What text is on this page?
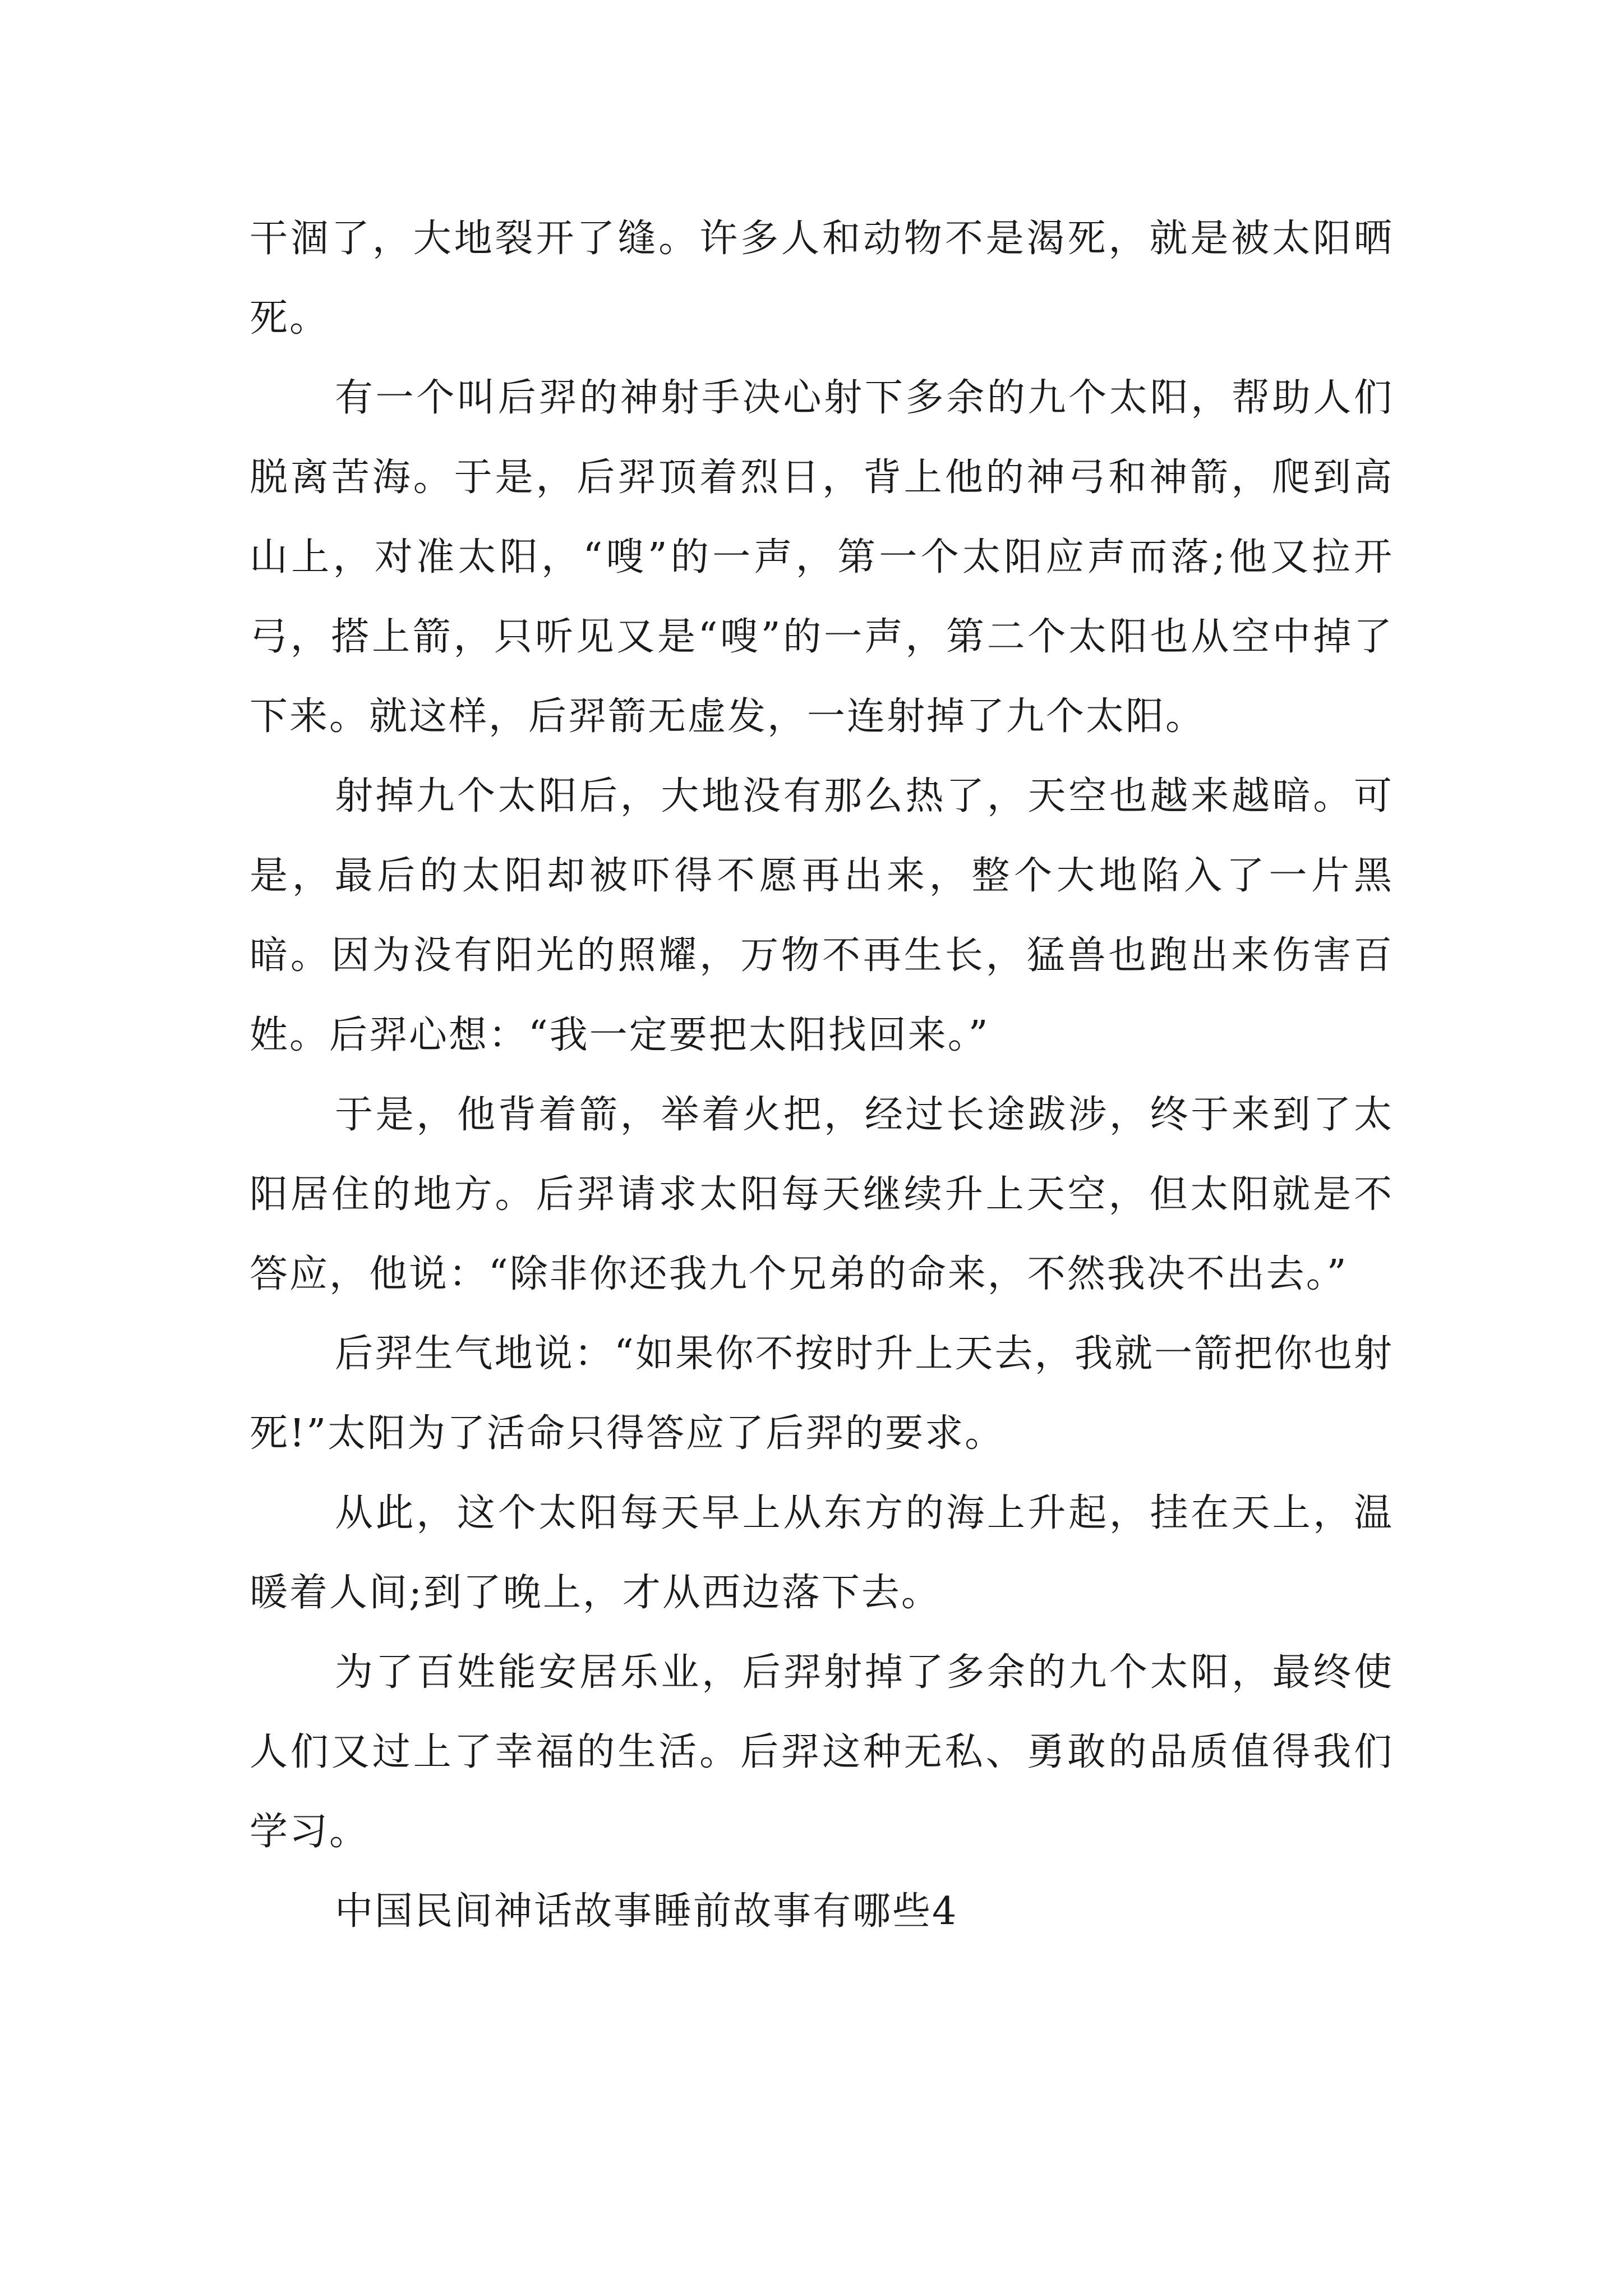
干涸了，大地裂开了缝。许多人和动物不是渴死，就是被太阳晒死。

有一个叫后羿的神射手决心射下多余的九个太阳，帮助人们脱离苦海。于是，后羿顶着烈日，背上他的神弓和神箭，爬到高山上，对准太阳，“嗖”的一声，第一个太阳应声而落;他又拉开弓，搭上箭，只听见又是“嗖”的一声，第二个太阳也从空中掉了下来。就这样，后羿箭无虚发，一连射掉了九个太阳。

射掉九个太阳后，大地没有那么热了，天空也越来越暗。可是，最后的太阳却被吓得不愿再出来，整个大地陷入了一片黑暗。因为没有阳光的照耀，万物不再生长，猛兽也跑出来伤害百姓。后羿心想：“我一定要把太阳找回来。”

于是，他背着箭，举着火把，经过长途跋涉，终于来到了太阳居住的地方。后羿请求太阳每天继续升上天空，但太阳就是不答应，他说：“除非你还我九个兄弟的命来，不然我决不出去。”

后羿生气地说：“如果你不按时升上天去，我就一箭把你也射死!”太阳为了活命只得答应了后羿的要求。

从此，这个太阳每天早上从东方的海上升起，挂在天上，温暖着人间;到了晚上，才从西边落下去。

为了百姓能安居乐业，后羿射掉了多余的九个太阳，最终使人们又过上了幸福的生活。后羿这种无私、勇敢的品质值得我们学习。

中国民间神话故事睡前故事有哪些4
